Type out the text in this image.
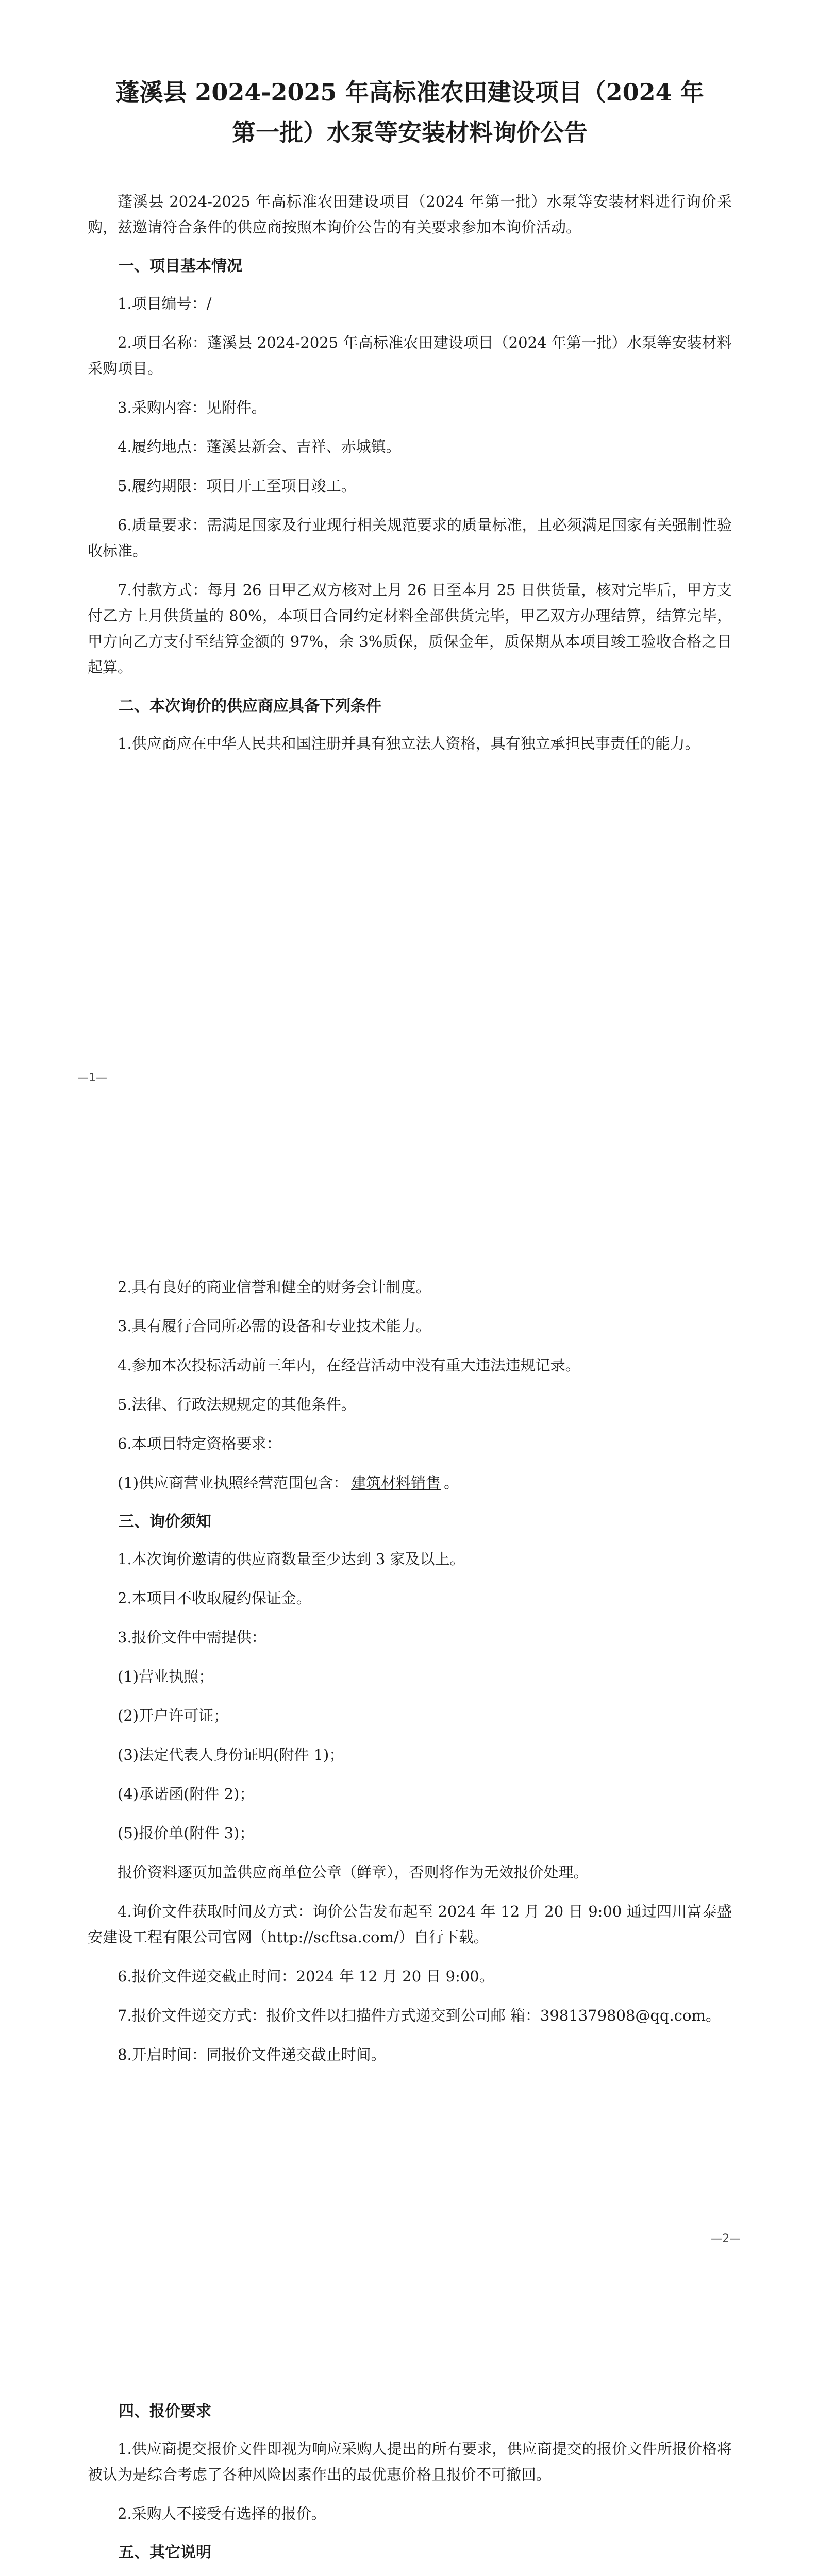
蓬溪县 2024-2025 年高标准农田建设项目（2024 年
第一批）水泵等安装材料询价公告

蓬溪县 2024-2025 年高标准农田建设项目（2024 年第一批）水泵等安装材料进行询价采购，兹邀请符合条件的供应商按照本询价公告的有关要求参加本询价活动。

一、项目基本情况

1.项目编号：/

2.项目名称：蓬溪县 2024-2025 年高标准农田建设项目（2024 年第一批）水泵等安装材料采购项目。

3.采购内容：见附件。

4.履约地点：蓬溪县新会、吉祥、赤城镇。

5.履约期限：项目开工至项目竣工。

6.质量要求：需满足国家及行业现行相关规范要求的质量标准，且必须满足国家有关强制性验收标准。

7.付款方式：每月 26 日甲乙双方核对上月 26 日至本月 25 日供货量，核对完毕后，甲方支付乙方上月供货量的 80%，本项目合同约定材料全部供货完毕，甲乙双方办理结算，结算完毕，甲方向乙方支付至结算金额的 97%，余 3%质保，质保金年，质保期从本项目竣工验收合格之日起算。

二、本次询价的供应商应具备下列条件

1.供应商应在中华人民共和国注册并具有独立法人资格，具有独立承担民事责任的能力。

—1—

2.具有良好的商业信誉和健全的财务会计制度。

3.具有履行合同所必需的设备和专业技术能力。

4.参加本次投标活动前三年内，在经营活动中没有重大违法违规记录。

5.法律、行政法规规定的其他条件。

6.本项目特定资格要求：

(1)供应商营业执照经营范围包含： 建筑材料销售 。

三、询价须知

1.本次询价邀请的供应商数量至少达到 3 家及以上。

2.本项目不收取履约保证金。

3.报价文件中需提供：

(1)营业执照；

(2)开户许可证；

(3)法定代表人身份证明(附件 1)；

(4)承诺函(附件 2)；

(5)报价单(附件 3)；

报价资料逐页加盖供应商单位公章（鲜章），否则将作为无效报价处理。

4.询价文件获取时间及方式：询价公告发布起至 2024 年 12 月 20 日 9:00 通过四川富泰盛安建设工程有限公司官网（http://scftsa.com/）自行下载。

6.报价文件递交截止时间：2024 年 12 月 20 日 9:00。

7.报价文件递交方式：报价文件以扫描件方式递交到公司邮 箱：3981379808@qq.com。

8.开启时间：同报价文件递交截止时间。

—2—
四、报价要求

1.供应商提交报价文件即视为响应采购人提出的所有要求，供应商提交的报价文件所报价格将被认为是综合考虑了各种风险因素作出的最优惠价格且报价不可撤回。

2.采购人不接受有选择的报价。

五、其它说明
